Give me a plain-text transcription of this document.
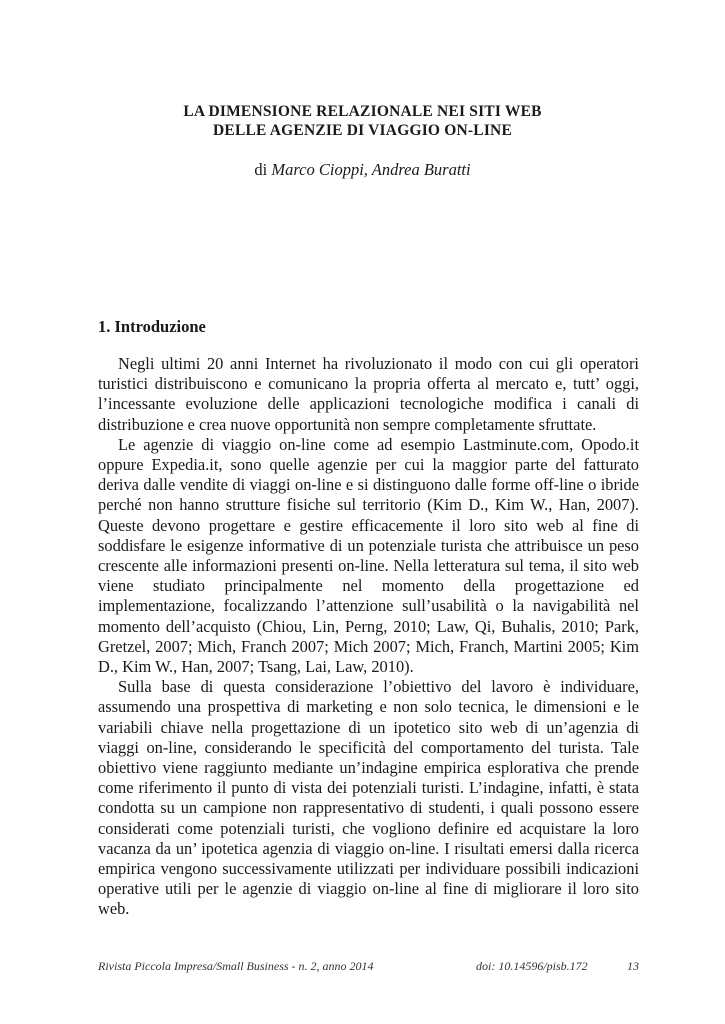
LA DIMENSIONE RELAZIONALE NEI SITI WEB
DELLE AGENZIE DI VIAGGIO ON-LINE
di Marco Cioppi, Andrea Buratti
1. Introduzione

Negli ultimi 20 anni Internet ha rivoluzionato il modo con cui gli operatori turistici distribuiscono e comunicano la propria offerta al mercato e, tutt’ oggi, l’incessante evoluzione delle applicazioni tecnologiche modifica i canali di distribuzione e crea nuove opportunità non sempre completamente sfruttate.

Le agenzie di viaggio on-line come ad esempio Lastminute.com, Opodo.it oppure Expedia.it, sono quelle agenzie per cui la maggior parte del fatturato deriva dalle vendite di viaggi on-line e si distinguono dalle forme off-line o ibride perché non hanno strutture fisiche sul territorio (Kim D., Kim W., Han, 2007). Queste devono progettare e gestire efficacemente il loro sito web al fine di soddisfare le esigenze informative di un potenziale turista che attribuisce un peso crescente alle informazioni presenti on-line. Nella letteratura sul tema, il sito web viene studiato principalmente nel momento della progettazione ed implementazione, focalizzando l’attenzione sull’usabilità o la navigabilità nel momento dell’acquisto (Chiou, Lin, Perng, 2010; Law, Qi, Buhalis, 2010; Park, Gretzel, 2007; Mich, Franch 2007; Mich 2007; Mich, Franch, Martini 2005; Kim D., Kim W., Han, 2007; Tsang, Lai, Law, 2010).

Sulla base di questa considerazione l’obiettivo del lavoro è individuare, assumendo una prospettiva di marketing e non solo tecnica, le dimensioni e le variabili chiave nella progettazione di un ipotetico sito web di un’agenzia di viaggi on-line, considerando le specificità del comportamento del turista. Tale obiettivo viene raggiunto mediante un’indagine empirica esplorativa che prende come riferimento il punto di vista dei potenziali turisti. L’indagine, infatti, è stata condotta su un campione non rappresentativo di studenti, i quali possono essere considerati come potenziali turisti, che vogliono definire ed acquistare la loro vacanza da un’ ipotetica agenzia di viaggio on-line. I risultati emersi dalla ricerca empirica vengono successivamente utilizzati per individuare possibili indicazioni operative utili per le agenzie di viaggio on-line al fine di migliorare il loro sito web.

Rivista Piccola Impresa/Small Business - n. 2, anno 2014	doi: 10.14596/pisb.172	13
